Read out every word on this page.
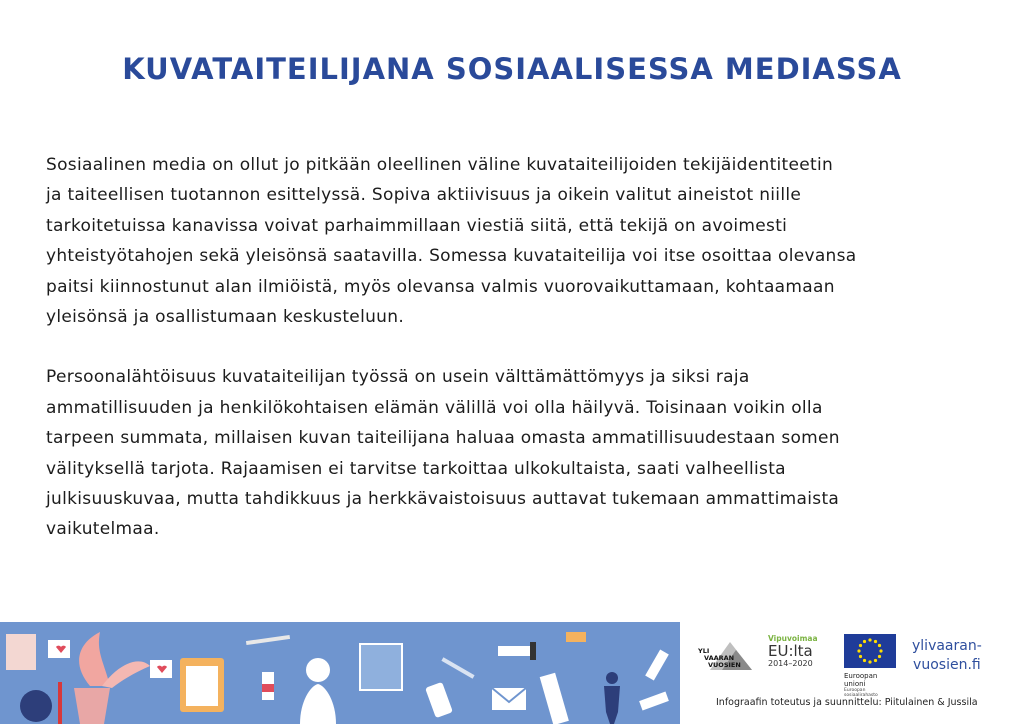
KUVATAITEILIJANA SOSIAALISESSA MEDIASSA

Sosiaalinen media on ollut jo pitkään oleellinen väline kuvataiteilijoiden tekijäidentiteetin
ja taiteellisen tuotannon esittelyssä. Sopiva aktiivisuus ja oikein valitut aineistot niille
tarkoitetuissa kanavissa voivat parhaimmillaan viestiä siitä, että tekijä on avoimesti
yhteistyötahojen sekä yleisönsä saatavilla. Somessa kuvataiteilija voi itse osoittaa olevansa
paitsi kiinnostunut alan ilmiöistä, myös olevansa valmis vuorovaikuttamaan, kohtaamaan
yleisönsä ja osallistumaan keskusteluun.

Persoonalähtöisuus kuvataiteilijan työssä on usein välttämättömyys ja siksi raja
ammatillisuuden ja henkilökohtaisen elämän välillä voi olla häilyvä. Toisinaan voikin olla
tarpeen summata, millaisen kuvan taiteilijana haluaa omasta ammatillisuudestaan somen
välityksellä tarjota. Rajaamisen ei tarvitse tarkoittaa ulkokultaista, saati valheellista
julkisuuskuvaa, mutta tahdikkuus ja herkkävaistoisuus auttavat tukemaan ammattimaista
vaikutelmaa.

YLI
VAARAN
VUOSIEN
Vipuvoimaa
EU:lta
2014–2020
Euroopan unioni
Euroopan sosiaalirahasto
ylivaaran-
vuosien.fi
Infograafin toteutus ja suunnittelu: Piitulainen & Jussila
